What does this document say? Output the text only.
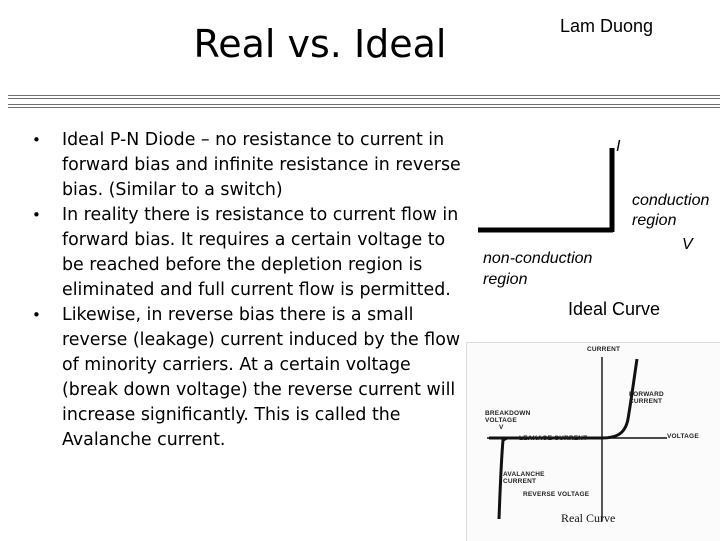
Real vs. Ideal	Lam Duong
• Ideal P-N Diode – no resistance to current in forward bias and infinite resistance in reverse bias. (Similar to a switch)
• In reality there is resistance to current flow in forward bias. It requires a certain voltage to be reached before the depletion region is eliminated and full current flow is permitted.
• Likewise, in reverse bias there is a small reverse (leakage) current induced by the flow of minority carriers. At a certain voltage (break down voltage) the reverse current will increase significantly. This is called the Avalanche current.
I
conduction
region
V
non-conduction
region
Ideal Curve
CURRENT
FORWARD
CURRENT
BREAKDOWN
VOLTAGE
V
LEAKAGE CURRENT	VOLTAGE
AVALANCHE
CURRENT
REVERSE VOLTAGE
Real Curve
